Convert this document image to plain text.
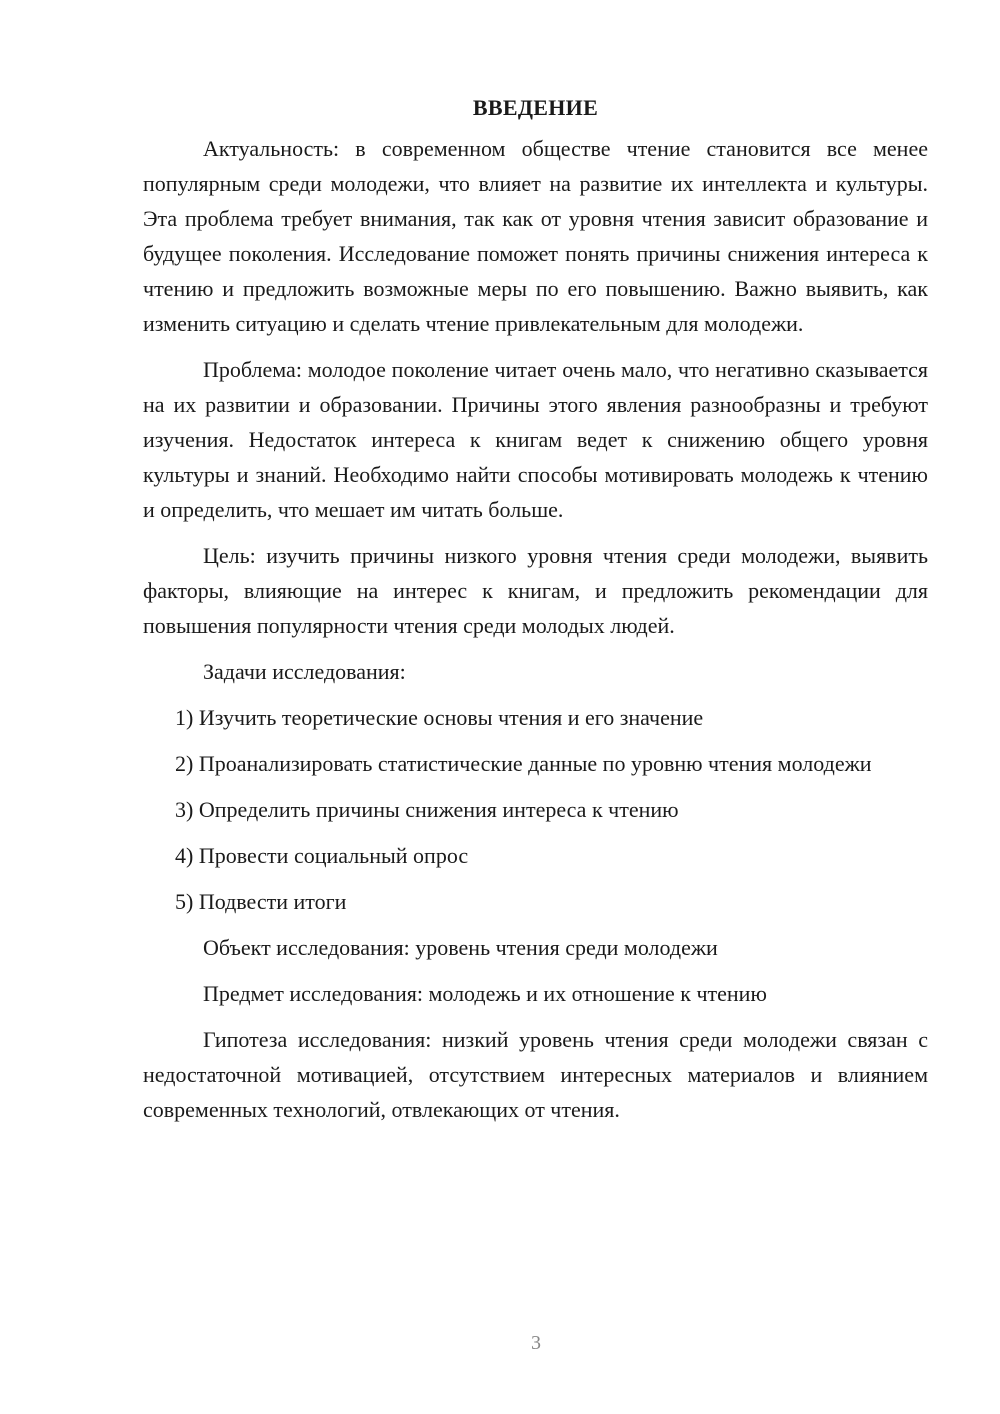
ВВЕДЕНИЕ

Актуальность: в современном обществе чтение становится все менее популярным среди молодежи, что влияет на развитие их интеллекта и культуры. Эта проблема требует внимания, так как от уровня чтения зависит образование и будущее поколения. Исследование поможет понять причины снижения интереса к чтению и предложить возможные меры по его повышению. Важно выявить, как изменить ситуацию и сделать чтение привлекательным для молодежи.

Проблема: молодое поколение читает очень мало, что негативно сказывается на их развитии и образовании. Причины этого явления разнообразны и требуют изучения. Недостаток интереса к книгам ведет к снижению общего уровня культуры и знаний. Необходимо найти способы мотивировать молодежь к чтению и определить, что мешает им читать больше.

Цель: изучить причины низкого уровня чтения среди молодежи, выявить факторы, влияющие на интерес к книгам, и предложить рекомендации для повышения популярности чтения среди молодых людей.

Задачи исследования:

1) Изучить теоретические основы чтения и его значение

2) Проанализировать статистические данные по уровню чтения молодежи

3) Определить причины снижения интереса к чтению

4) Провести социальный опрос

5) Подвести итоги

Объект исследования: уровень чтения среди молодежи

Предмет исследования: молодежь и их отношение к чтению

Гипотеза исследования: низкий уровень чтения среди молодежи связан с недостаточной мотивацией, отсутствием интересных материалов и влиянием современных технологий, отвлекающих от чтения.

3
